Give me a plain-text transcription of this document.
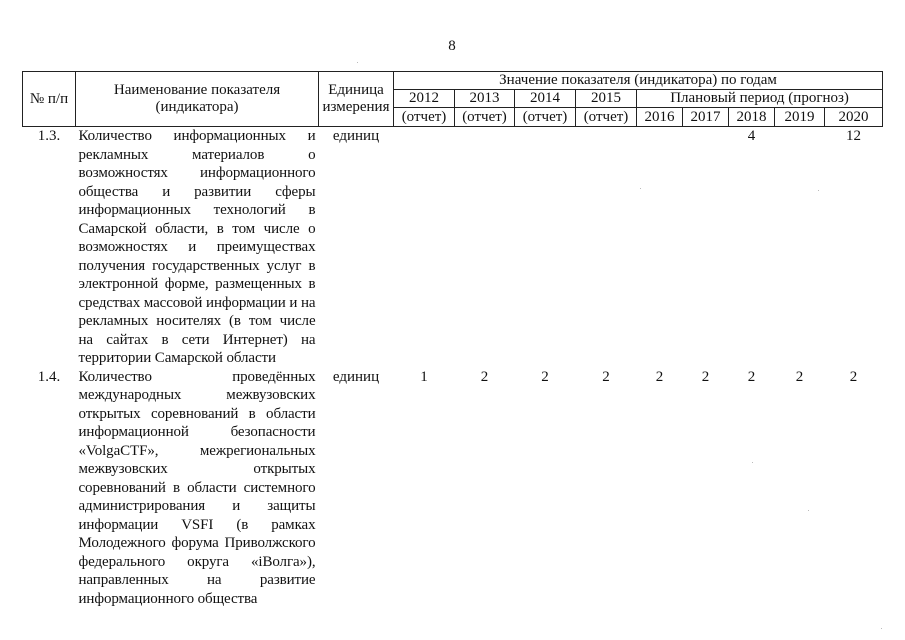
8
№ п/п	Наименование показателя (индикатора)	Единица измерения	Значение показателя (индикатора) по годам								
			2012	2013	2014	2015	Плановый период (прогноз)				
			(отчет)	(отчет)	(отчет)	(отчет)	2016	2017	2018	2019	2020
1.3.	Количество информационных и рекламных материалов о возможностях информационного общества и развитии сферы информационных технологий в Самарской области, в том числе о возможностях и преимуществах получения государственных услуг в электронной форме, размещенных в средствах массовой информации и на рекламных носителях (в том числе на сайтах в сети Интернет) на территории Самарской области	единиц							4		12
1.4.	Количество проведённых международных межвузовских открытых соревнований в области информационной безопасности «VolgaCTF», межрегиональных межвузовских открытых соревнований в области системного администрирования и защиты информации VSFI (в рамках Молодежного форума Приволжского федерального округа «iВолга»), направленных на развитие информационного общества	единиц	1	2	2	2	2	2	2	2	2
